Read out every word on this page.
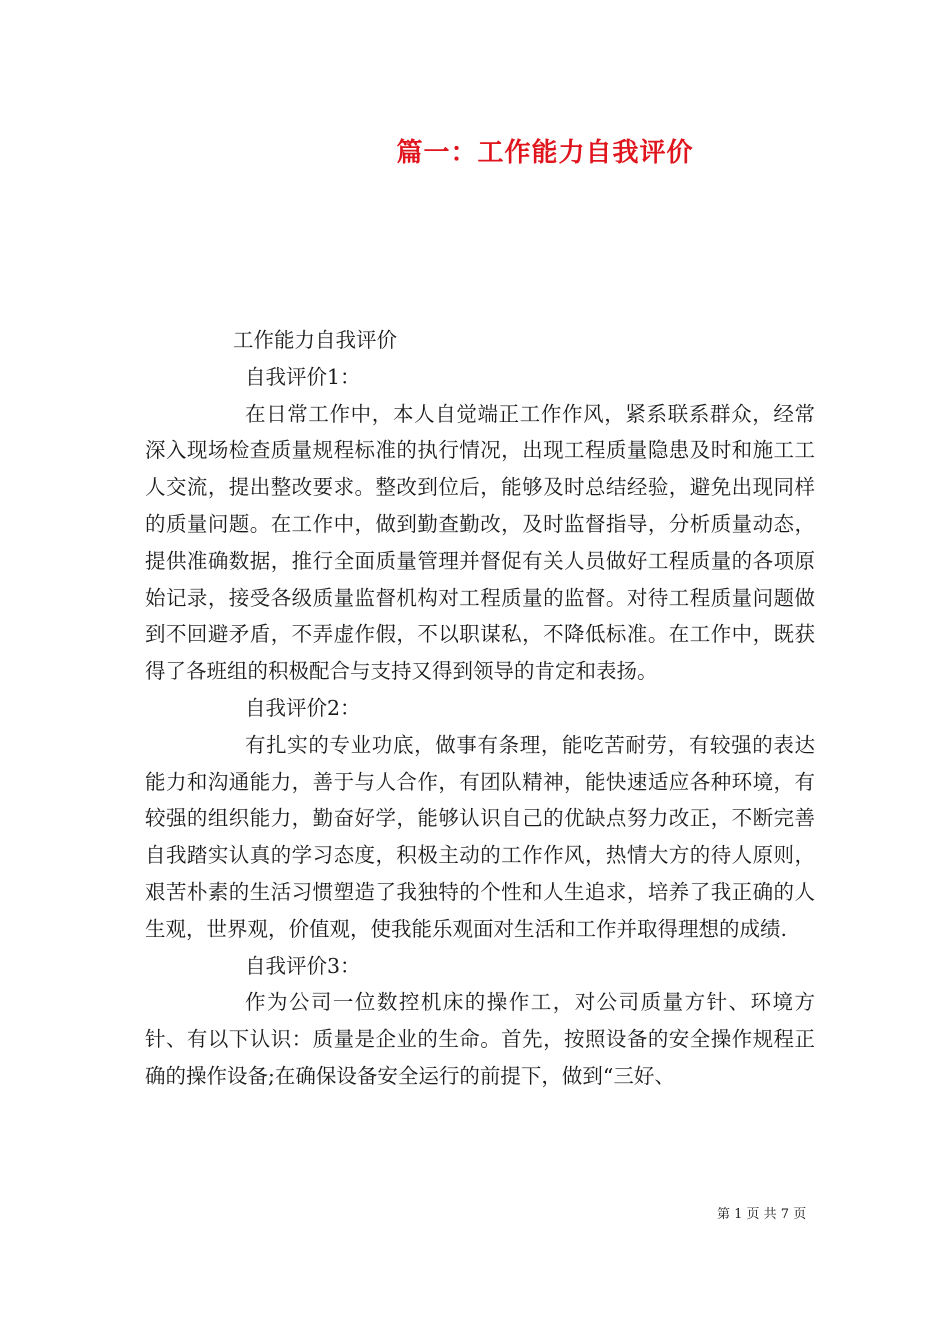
篇一：工作能力自我评价

工作能力自我评价

自我评价1：

在日常工作中，本人自觉端正工作作风，紧系联系群众，经常深入现场检查质量规程标准的执行情况，出现工程质量隐患及时和施工工人交流，提出整改要求。整改到位后，能够及时总结经验，避免出现同样的质量问题。在工作中，做到勤查勤改，及时监督指导，分析质量动态，提供准确数据，推行全面质量管理并督促有关人员做好工程质量的各项原始记录，接受各级质量监督机构对工程质量的监督。对待工程质量问题做到不回避矛盾，不弄虚作假，不以职谋私，不降低标准。在工作中，既获得了各班组的积极配合与支持又得到领导的肯定和表扬。

自我评价2：

有扎实的专业功底，做事有条理，能吃苦耐劳，有较强的表达能力和沟通能力，善于与人合作，有团队精神，能快速适应各种环境，有较强的组织能力，勤奋好学，能够认识自己的优缺点努力改正，不断完善自我踏实认真的学习态度，积极主动的工作作风，热情大方的待人原则，艰苦朴素的生活习惯塑造了我独特的个性和人生追求，培养了我正确的人生观，世界观，价值观，使我能乐观面对生活和工作并取得理想的成绩.

自我评价3：

作为公司一位数控机床的操作工，对公司质量方针、环境方针、有以下认识：质量是企业的生命。首先，按照设备的安全操作规程正确的操作设备;在确保设备安全运行的前提下，做到“三好、

第 1 页 共 7 页
